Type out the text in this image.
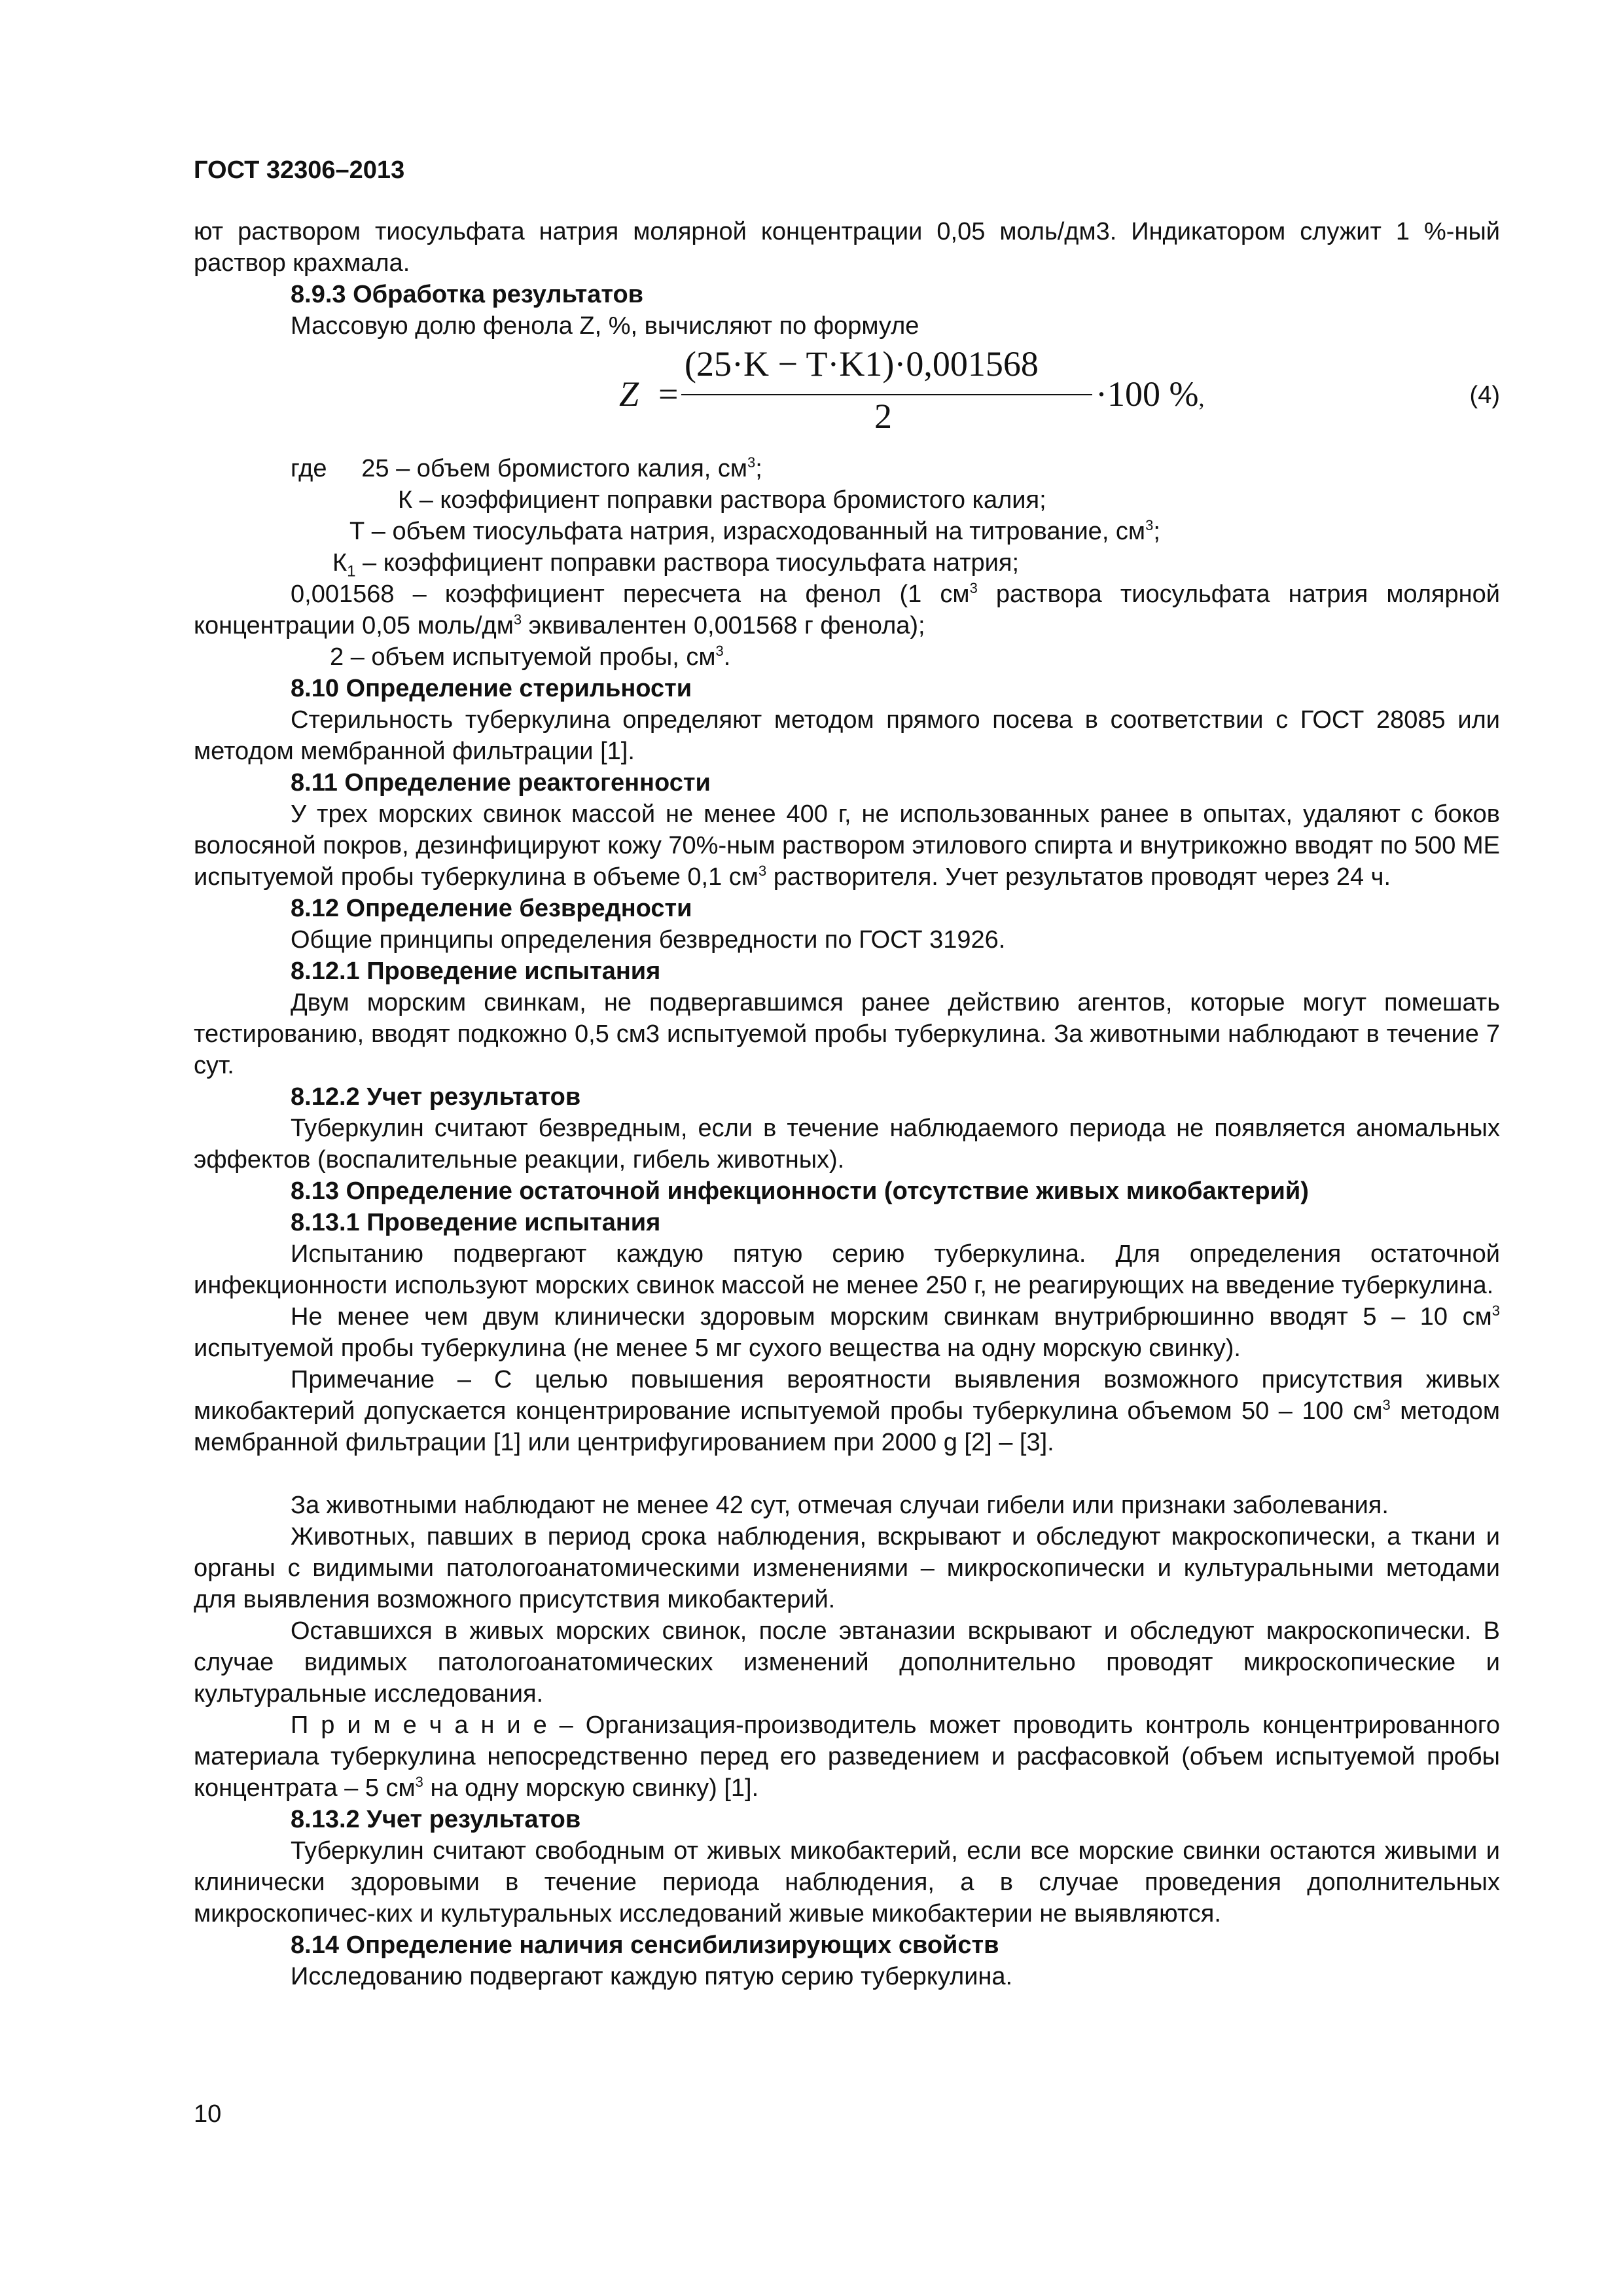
ГОСТ 32306–2013

ют раствором тиосульфата натрия молярной концентрации 0,05 моль/дм3. Индикатором служит 1 %-ный раствор крахмала.

8.9.3 Обработка результатов

Массовую долю фенола Z, %, вычисляют по формуле

Z =
(25·K − T·K1)·0,001568
2
·100 %,	(4)

где 25 – объем бромистого калия, $см^3$;

К – коэффициент поправки раствора бромистого калия;

Т – объем тиосульфата натрия, израсходованный на титрование, $см^3$;

$К_1$ – коэффициент поправки раствора тиосульфата натрия;

0,001568 – коэффициент пересчета на фенол (1 $см^3$ раствора тиосульфата натрия молярной концентрации 0,05 моль/$дм^3$ эквивалентен 0,001568 г фенола);

2 – объем испытуемой пробы, $см^3$.

8.10 Определение стерильности

Стерильность туберкулина определяют методом прямого посева в соответствии с ГОСТ 28085 или методом мембранной фильтрации [1].

8.11 Определение реактогенности

У трех морских свинок массой не менее 400 г, не использованных ранее в опытах, удаляют с боков волосяной покров, дезинфицируют кожу 70%-ным раствором этилового спирта и внутрикожно вводят по 500 МЕ испытуемой пробы туберкулина в объеме 0,1 $см^3$ растворителя. Учет результатов проводят через 24 ч.

8.12 Определение безвредности

Общие принципы определения безвредности по ГОСТ 31926.

8.12.1 Проведение испытания

Двум морским свинкам, не подвергавшимся ранее действию агентов, которые могут помешать тестированию, вводят подкожно 0,5 см3 испытуемой пробы туберкулина. За животными наблюдают в течение 7 сут.

8.12.2 Учет результатов

Туберкулин считают безвредным, если в течение наблюдаемого периода не появляется аномальных эффектов (воспалительные реакции, гибель животных).

8.13 Определение остаточной инфекционности (отсутствие живых микобактерий)

8.13.1 Проведение испытания

Испытанию подвергают каждую пятую серию туберкулина. Для определения остаточной инфекционности используют морских свинок массой не менее 250 г, не реагирующих на введение туберкулина.

Не менее чем двум клинически здоровым морским свинкам внутрибрюшинно вводят 5 – 10 $см^3$ испытуемой пробы туберкулина (не менее 5 мг сухого вещества на одну морскую свинку).

Примечание – С целью повышения вероятности выявления возможного присутствия живых микобактерий допускается концентрирование испытуемой пробы туберкулина объемом 50 – 100 $см^3$ методом мембранной фильтрации [1] или центрифугированием при 2000 g [2] – [3].

За животными наблюдают не менее 42 сут, отмечая случаи гибели или признаки заболевания.

Животных, павших в период срока наблюдения, вскрывают и обследуют макроскопически, а ткани и органы с видимыми патологоанатомическими изменениями – микроскопически и культуральными методами для выявления возможного присутствия микобактерий.

Оставшихся в живых морских свинок, после эвтаназии вскрывают и обследуют макроскопически. В случае видимых патологоанатомических изменений дополнительно проводят микроскопические и культуральные исследования.

П р и м е ч а н и е – Организация-производитель может проводить контроль концентрированного материала туберкулина непосредственно перед его разведением и расфасовкой (объем испытуемой пробы концентрата – 5 $см^3$ на одну морскую свинку) [1].

8.13.2 Учет результатов

Туберкулин считают свободным от живых микобактерий, если все морские свинки остаются живыми и клинически здоровыми в течение периода наблюдения, а в случае проведения дополнительных микроскопичес-ких и культуральных исследований живые микобактерии не выявляются.

8.14 Определение наличия сенсибилизирующих свойств

Исследованию подвергают каждую пятую серию туберкулина.

10
